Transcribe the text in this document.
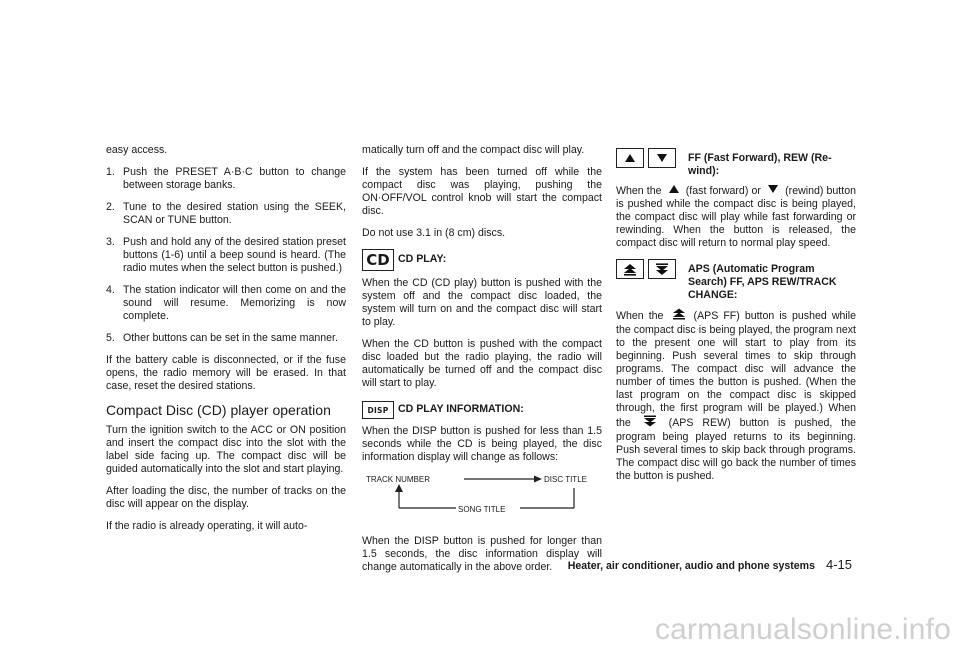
easy access.

1. Push the PRESET A·B·C button to change between storage banks.
2. Tune to the desired station using the SEEK, SCAN or TUNE button.
3. Push and hold any of the desired station preset buttons (1-6) until a beep sound is heard. (The radio mutes when the select button is pushed.)
4. The station indicator will then come on and the sound will resume. Memorizing is now complete.
5. Other buttons can be set in the same manner.

If the battery cable is disconnected, or if the fuse opens, the radio memory will be erased. In that case, reset the desired stations.

Compact Disc (CD) player operation

Turn the ignition switch to the ACC or ON position and insert the compact disc into the slot with the label side facing up. The compact disc will be guided automatically into the slot and start playing.

After loading the disc, the number of tracks on the disc will appear on the display.

If the radio is already operating, it will auto-

matically turn off and the compact disc will play.

If the system has been turned off while the compact disc was playing, pushing the ON·OFF/VOL control knob will start the compact disc.

Do not use 3.1 in (8 cm) discs.

CD CD PLAY:

When the CD (CD play) button is pushed with the system off and the compact disc loaded, the system will turn on and the compact disc will start to play.

When the CD button is pushed with the compact disc loaded but the radio playing, the radio will automatically be turned off and the compact disc will start to play.

DISP CD PLAY INFORMATION:

When the DISP button is pushed for less than 1.5 seconds while the CD is being played, the disc information display will change as follows:

TRACK NUMBER	DISC TITLE
SONG TITLE

When the DISP button is pushed for longer than 1.5 seconds, the disc information display will change automatically in the above order.

FF (Fast Forward), REW (Re-wind):

When the (fast forward) or (rewind) button is pushed while the compact disc is being played, the compact disc will play while fast forwarding or rewinding. When the button is released, the compact disc will return to normal play speed.

APS (Automatic Program Search) FF, APS REW/TRACK CHANGE:

When the	(APS FF) button is pushed while the compact disc is being played, the program next to the present one will start to play from its beginning. Push several times to skip through programs. The compact disc will advance the number of times the button is pushed. (When the last program on the compact disc is skipped through, the first program will be played.) When the	(APS REW) button is pushed, the program being played returns to its beginning. Push several times to skip back through programs. The compact disc will go back the number of times the button is pushed.

Heater, air conditioner, audio and phone systems 4-15
carmanualsonline.info
